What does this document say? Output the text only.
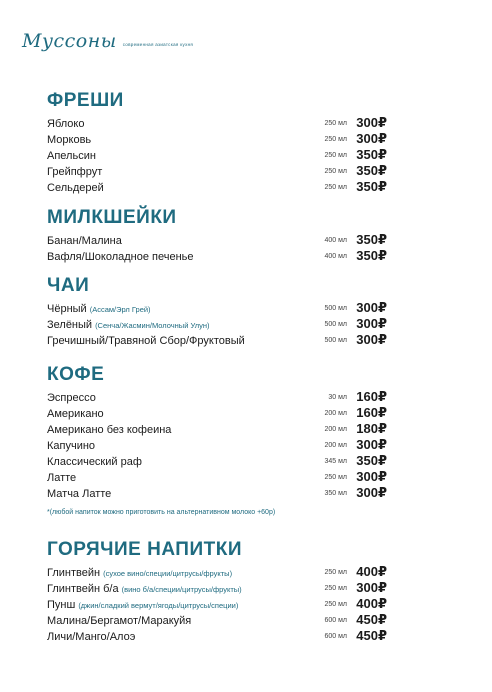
Муссоны современная азиатская кухня
ФРЕШИ
Яблоко	250 мл 300₽
Морковь	250 мл 300₽
Апельсин	250 мл 350₽
Грейпфрут	250 мл 350₽
Сельдерей	250 мл 350₽
МИЛКШЕЙКИ
Банан/Малина	400 мл 350₽
Вафля/Шоколадное печенье	400 мл 350₽
ЧАИ
Чёрный (Ассам/Эрл Грей)	500 мл 300₽
Зелёный (Сенча/Жасмин/Молочный Улун)	500 мл 300₽
Гречишный/Травяной Сбор/Фруктовый	500 мл 300₽
КОФЕ
Эспрессо	30 мл 160₽
Американо	200 мл 160₽
Американо без кофеина	200 мл 180₽
Капучино	200 мл 300₽
Классический раф	345 мл 350₽
Латте	250 мл 300₽
Матча Латте	350 мл 300₽
*(любой напиток можно приготовить на альтернативном молоко +60р)
ГОРЯЧИЕ НАПИТКИ
Глинтвейн (сухое вино/специи/цитрусы/фрукты)	250 мл 400₽
Глинтвейн б/а (вино б/а/специи/цитрусы/фрукты)	250 мл 300₽
Пунш (джин/сладкий вермут/ягоды/цитрусы/специи)	250 мл 400₽
Малина/Бергамот/Маракуйя	600 мл 450₽
Личи/Манго/Алоэ	600 мл 450₽
